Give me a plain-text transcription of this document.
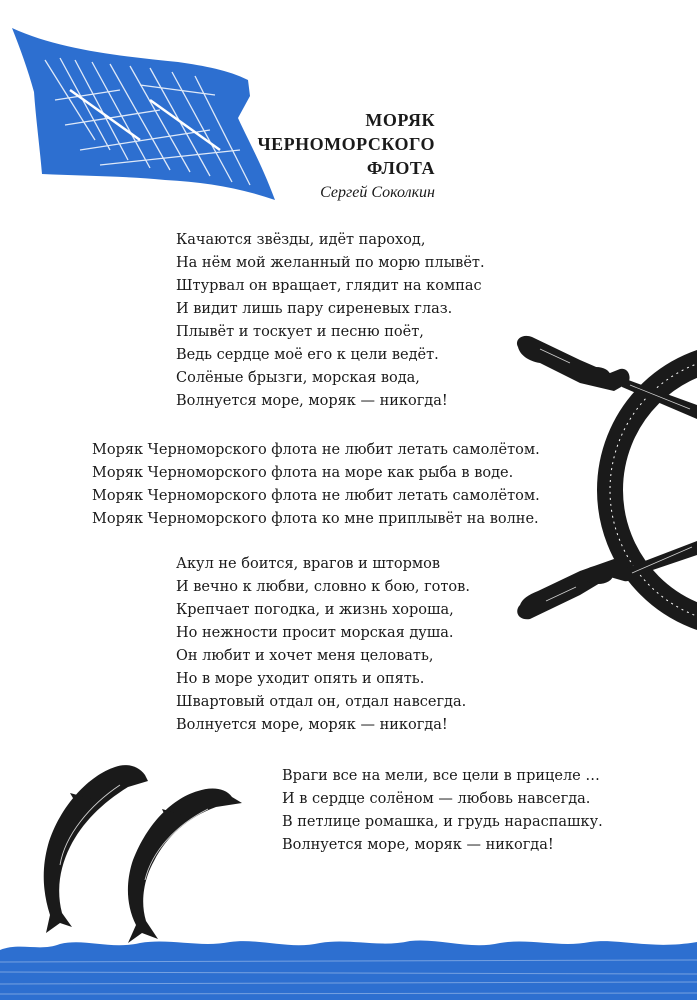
МОРЯК
ЧЕРНОМОРСКОГО
ФЛОТА
Сергей Соколкин
Качаются звёзды, идёт пароход,
На нём мой желанный по морю плывёт.
Штурвал он вращает, глядит на компас
И видит лишь пару сиреневых глаз.
Плывёт и тоскует и песню поёт,
Ведь сердце моё его к цели ведёт.
Солёные брызги, морская вода,
Волнуется море, моряк — никогда!
Моряк Черноморского флота не любит летать самолётом.
Моряк Черноморского флота на море как рыба в воде.
Моряк Черноморского флота не любит летать самолётом.
Моряк Черноморского флота ко мне приплывёт на волне.
Акул не боится, врагов и штормов
И вечно к любви, словно к бою, готов.
Крепчает погодка, и жизнь хороша,
Но нежности просит морская душа.
Он любит и хочет меня целовать,
Но в море уходит опять и опять.
Швартовый отдал он, отдал навсегда.
Волнуется море, моряк — никогда!
Враги все на мели, все цели в прицеле …
И в сердце солёном — любовь навсегда.
В петлице ромашка, и грудь нараспашку.
Волнуется море, моряк — никогда!
